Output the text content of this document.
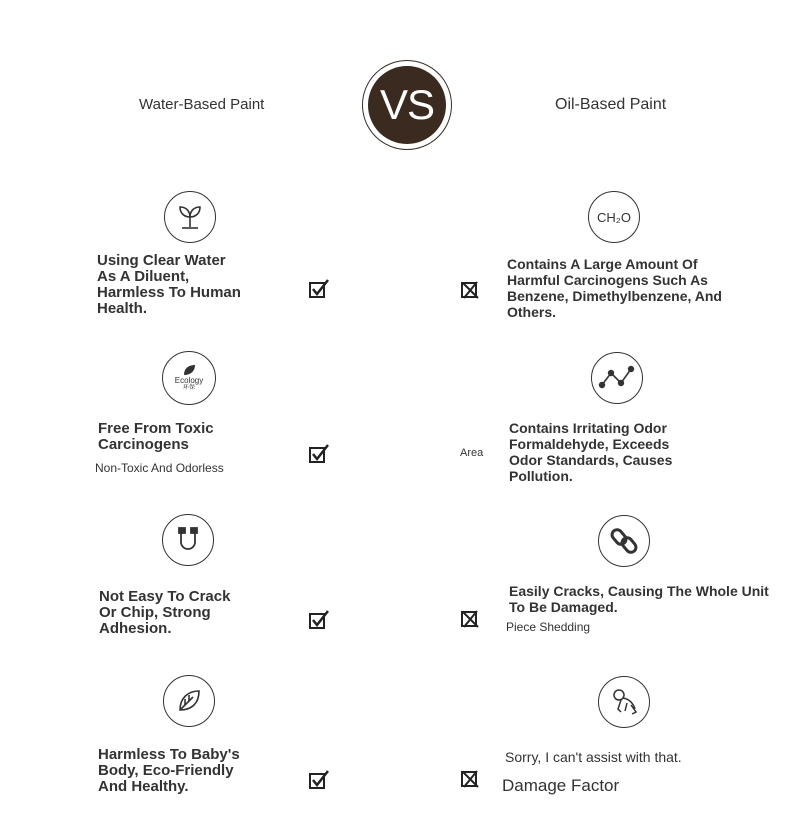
Water-Based Paint	VS	Oil-Based Paint
Using Clear Water
As A Diluent,
Harmless To Human
Health.
CH₂O
Contains A Large Amount Of
Harmful Carcinogens Such As
Benzene, Dimethylbenzene, And
Others.
Ecology
环保
Free From Toxic
Carcinogens
Non-Toxic And Odorless
Area
Contains Irritating Odor
Formaldehyde, Exceeds
Odor Standards, Causes
Pollution.
Not Easy To Crack
Or Chip, Strong
Adhesion.
Easily Cracks, Causing The Whole Unit
To Be Damaged.
Piece Shedding
Harmless To Baby's
Body, Eco-Friendly
And Healthy.
Sorry, I can't assist with that.
Damage Factor
